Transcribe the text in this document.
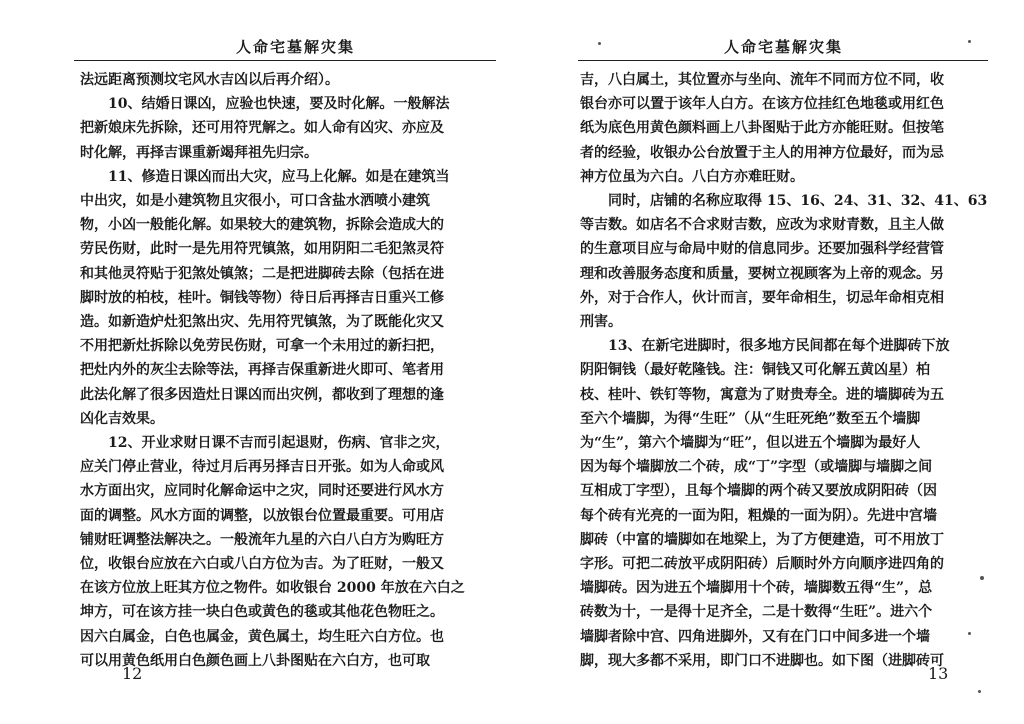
人命宅墓解灾集
法远距离预测坟宅风水吉凶以后再介绍）。
　　10、结婚日课凶，应验也快速，要及时化解。一般解法
把新娘床先拆除，还可用符咒解之。如人命有凶灾、亦应及
时化解，再择吉课重新竭拜祖先归宗。
　　11、修造日课凶而出大灾，应马上化解。如是在建筑当
中出灾，如是小建筑物且灾很小，可口含盐水洒喷小建筑
物，小凶一般能化解。如果较大的建筑物，拆除会造成大的
劳民伤财，此时一是先用符咒镇煞，如用阴阳二毛犯煞灵符
和其他灵符贴于犯煞处镇煞；二是把进脚砖去除（包括在进
脚时放的柏枝，桂叶。铜钱等物）待日后再择吉日重兴工修
造。如新造炉灶犯煞出灾、先用符咒镇煞，为了既能化灾又
不用把新灶拆除以免劳民伤财，可拿一个未用过的新扫把，
把灶内外的灰尘去除等法，再择吉保重新进火即可、笔者用
此法化解了很多因造灶日课凶而出灾例，都收到了理想的逢
凶化吉效果。
　　12、开业求财日课不吉而引起退财，伤病、官非之灾，
应关门停止营业，待过月后再另择吉日开张。如为人命或风
水方面出灾，应同时化解命运中之灾，同时还要进行风水方
面的调整。风水方面的调整，以放银台位置最重要。可用店
铺财旺调整法解决之。一般流年九星的六白八白方为购旺方
位，收银台应放在六白或八白方位为吉。为了旺财，一般又
在该方位放上旺其方位之物件。如收银台 2000 年放在六白之
坤方，可在该方挂一块白色或黄色的毯或其他花色物旺之。
因六白属金，白色也属金，黄色属土，均生旺六白方位。也
可以用黄色纸用白色颜色画上八卦图贴在六白方，也可取
12
人命宅墓解灾集
吉，八白属土，其位置亦与坐向、流年不同而方位不同，收
银台亦可以置于该年人白方。在该方位挂红色地毯或用红色
纸为底色用黄色颜料画上八卦图贴于此方亦能旺财。但按笔
者的经验，收银办公台放置于主人的用神方位最好，而为忌
神方位虽为六白。八白方亦难旺财。
　　同时，店铺的名称应取得 15、16、24、31、32、41、63
等吉数。如店名不合求财吉数，应改为求财青数，且主人做
的生意项目应与命局中财的信息同步。还要加强科学经营管
理和改善服务态度和质量，要树立视顾客为上帝的观念。另
外，对于合作人，伙计而言，要年命相生，切忌年命相克相
刑害。
　　13、在新宅进脚时，很多地方民间都在每个进脚砖下放
阴阳铜钱（最好乾隆钱。注：铜钱又可化解五黄凶星）柏
枝、桂叶、铁钉等物，寓意为了财贵寿全。进的墙脚砖为五
至六个墙脚，为得“生旺”（从“生旺死绝”数至五个墙脚
为“生”，第六个墙脚为“旺”，但以进五个墙脚为最好人
因为每个墙脚放二个砖，成“丁”字型（或墙脚与墙脚之间
互相成丁字型），且每个墙脚的两个砖又要放成阴阳砖（因
每个砖有光亮的一面为阳，粗燥的一面为阴）。先进中宫墙
脚砖（中富的墙脚如在地梁上，为了方便建造，可不用放丁
字形。可把二砖放平成阴阳砖）后顺时外方向顺序进四角的
墙脚砖。因为进五个墙脚用十个砖，墙脚数五得“生”，总
砖数为十，一是得十足齐全，二是十数得“生旺”。进六个
墙脚者除中宫、四角进脚外，又有在门口中间多进一个墙
脚，现大多都不采用，即门口不进脚也。如下图（进脚砖可
13
